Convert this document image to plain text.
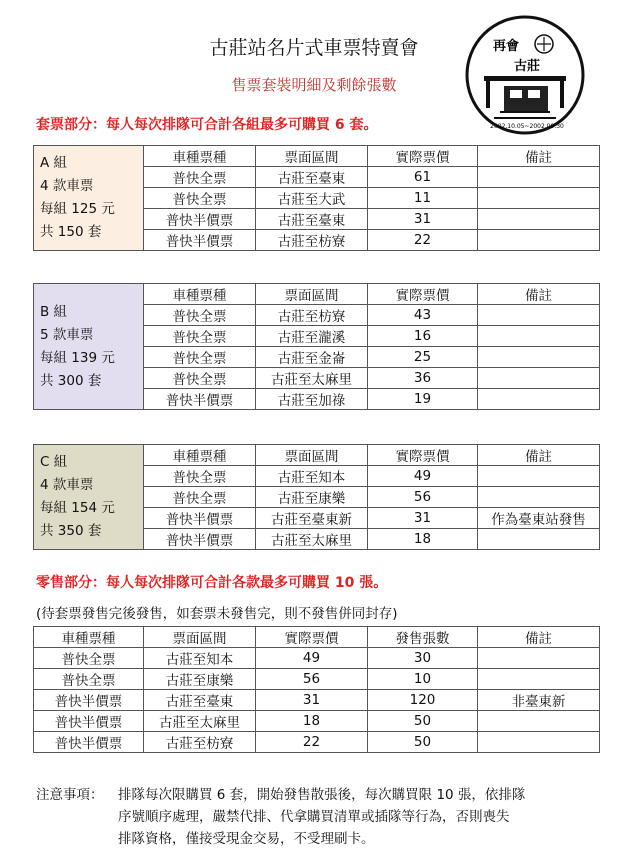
古莊站名片式車票特賣會
售票套裝明細及剩餘張數
再會
古莊
2002.10.05~2002.09.30
套票部分：每人每次排隊可合計各組最多可購買 6 套。
A 組
4 款車票
每組 125 元
共 150 套	車種票種	票面區間	實際票價	備註
	普快全票	古莊至臺東	61	
	普快全票	古莊至大武	11	
	普快半價票	古莊至臺東	31	
	普快半價票	古莊至枋寮	22	
B 組
5 款車票
每組 139 元
共 300 套	車種票種	票面區間	實際票價	備註
	普快全票	古莊至枋寮	43	
	普快全票	古莊至瀧溪	16	
	普快全票	古莊至金崙	25	
	普快全票	古莊至太麻里	36	
	普快半價票	古莊至加祿	19	
C 組
4 款車票
每組 154 元
共 350 套	車種票種	票面區間	實際票價	備註
	普快全票	古莊至知本	49	
	普快全票	古莊至康樂	56	
	普快半價票	古莊至臺東新	31	作為臺東站發售
	普快半價票	古莊至太麻里	18	
零售部分：每人每次排隊可合計各款最多可購買 10 張。
(待套票發售完後發售，如套票未發售完，則不發售併同封存)
車種票種	票面區間	實際票價	發售張數	備註
普快全票	古莊至知本	49	30	
普快全票	古莊至康樂	56	10	
普快半價票	古莊至臺東	31	120	非臺東新
普快半價票	古莊至太麻里	18	50	
普快半價票	古莊至枋寮	22	50	
注意事項： 排隊每次限購買 6 套，開始發售散張後，每次購買限 10 張，依排隊
序號順序處理，嚴禁代排、代拿購買清單或插隊等行為，否則喪失
排隊資格，僅接受現金交易，不受理刷卡。
